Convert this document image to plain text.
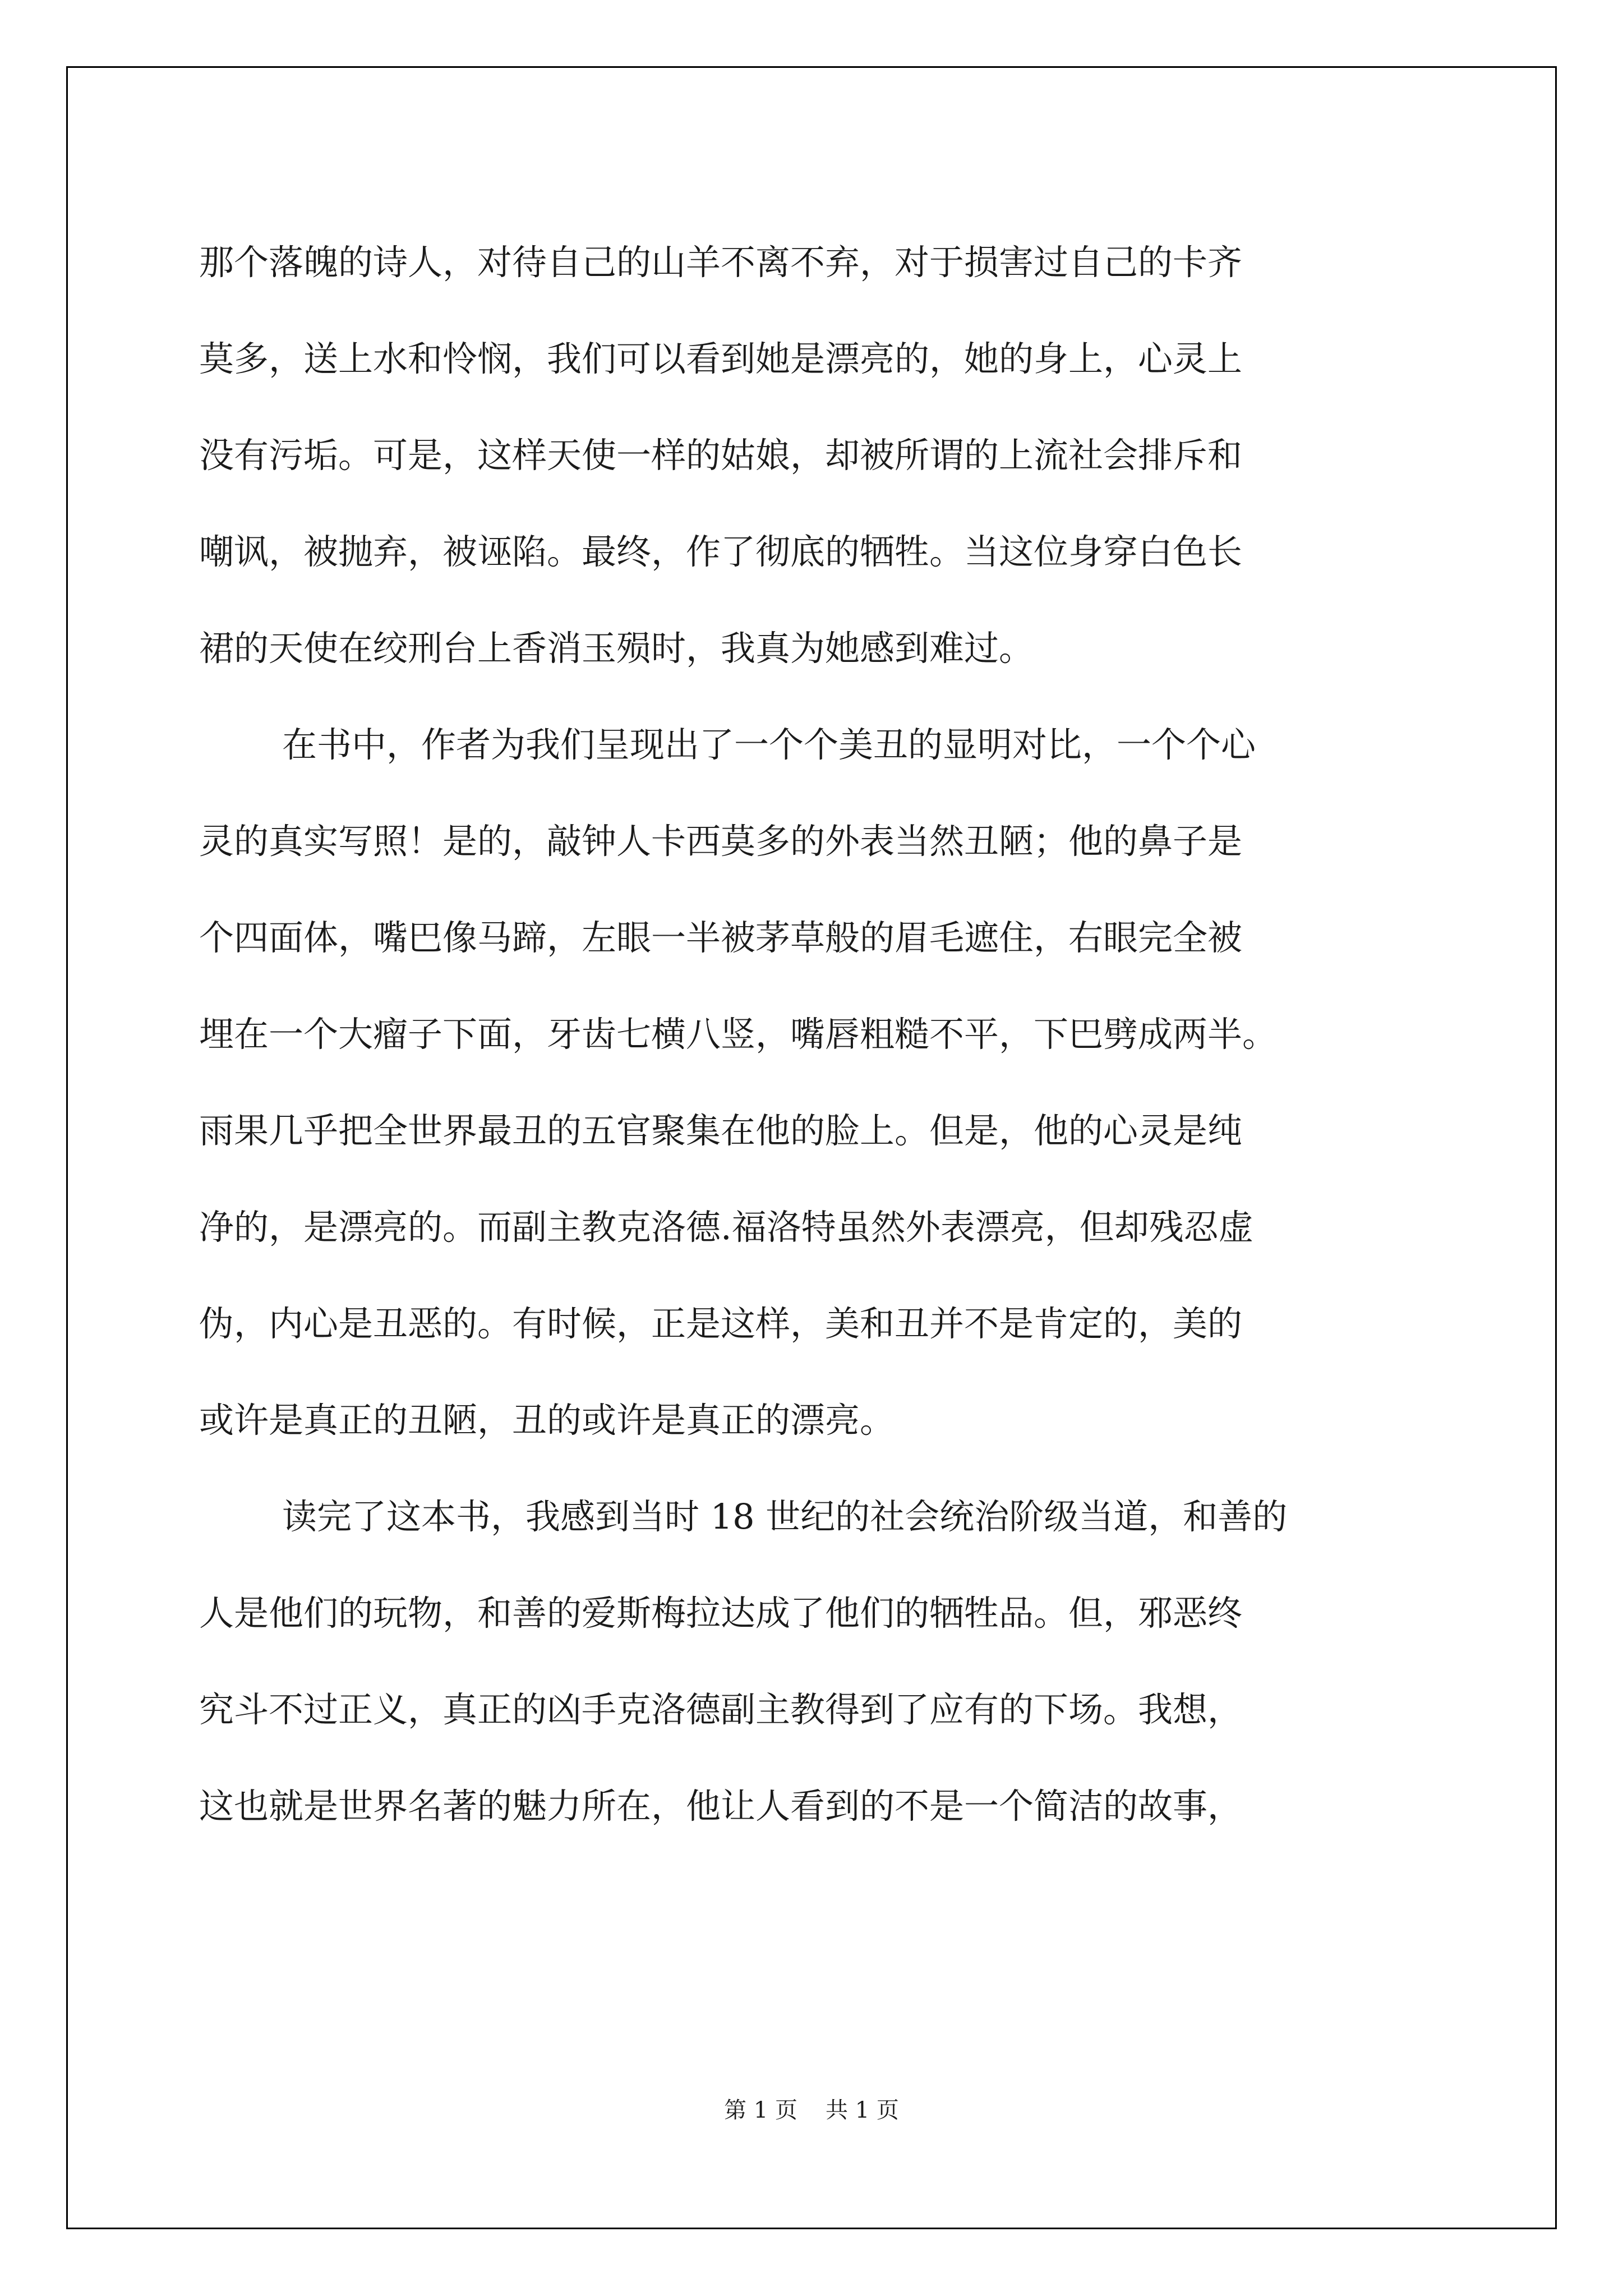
那个落魄的诗人，对待自己的山羊不离不弃，对于损害过自己的卡齐
莫多，送上水和怜悯，我们可以看到她是漂亮的，她的身上，心灵上
没有污垢。可是，这样天使一样的姑娘，却被所谓的上流社会排斥和
嘲讽，被抛弃，被诬陷。最终，作了彻底的牺牲。当这位身穿白色长
裙的天使在绞刑台上香消玉殒时，我真为她感到难过。
在书中，作者为我们呈现出了一个个美丑的显明对比，一个个心
灵的真实写照！是的，敲钟人卡西莫多的外表当然丑陋；他的鼻子是
个四面体，嘴巴像马蹄，左眼一半被茅草般的眉毛遮住，右眼完全被
埋在一个大瘤子下面，牙齿七横八竖，嘴唇粗糙不平，下巴劈成两半。
雨果几乎把全世界最丑的五官聚集在他的脸上。但是，他的心灵是纯
净的，是漂亮的。而副主教克洛德.福洛特虽然外表漂亮，但却残忍虚
伪，内心是丑恶的。有时候，正是这样，美和丑并不是肯定的，美的
或许是真正的丑陋，丑的或许是真正的漂亮。
读完了这本书，我感到当时 18 世纪的社会统治阶级当道，和善的
人是他们的玩物，和善的爱斯梅拉达成了他们的牺牲品。但，邪恶终
究斗不过正义，真正的凶手克洛德副主教得到了应有的下场。我想，
这也就是世界名著的魅力所在，他让人看到的不是一个简洁的故事，
第 1 页 共 1 页
